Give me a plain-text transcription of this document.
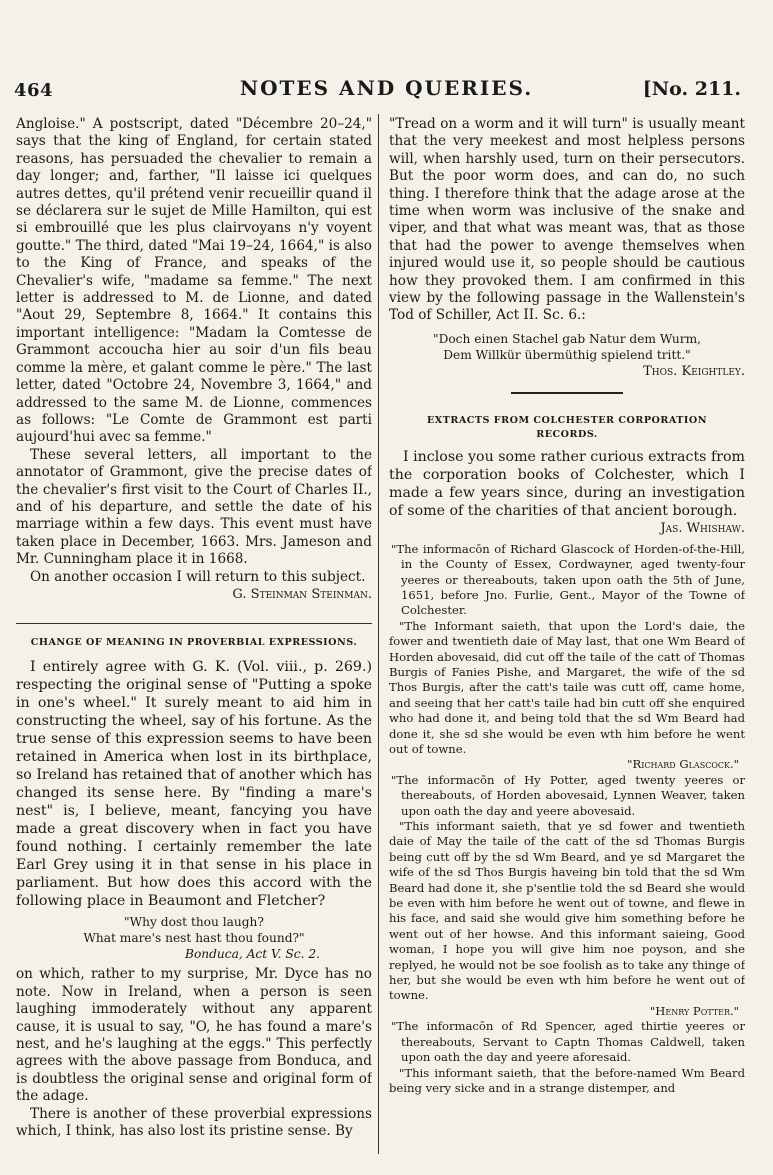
464	NOTES AND QUERIES.	[No. 211.

Angloise." A postscript, dated "Décembre 20–24," says that the king of England, for certain stated reasons, has persuaded the chevalier to remain a day longer; and, farther, "Il laisse ici quelques autres dettes, qu'il prétend venir recueillir quand il se déclarera sur le sujet de Mille Hamilton, qui est si embrouillé que les plus clairvoyans n'y voyent goutte." The third, dated "Mai 19–24, 1664," is also to the King of France, and speaks of the Chevalier's wife, "madame sa femme." The next letter is addressed to M. de Lionne, and dated "Aout 29, Septembre 8, 1664." It contains this important intelligence: "Madam la Comtesse de Grammont accoucha hier au soir d'un fils beau comme la mère, et galant comme le père." The last letter, dated "Octobre 24, Novembre 3, 1664," and addressed to the same M. de Lionne, commences as follows: "Le Comte de Grammont est parti aujourd'hui avec sa femme."

These several letters, all important to the annotator of Grammont, give the precise dates of the chevalier's first visit to the Court of Charles II., and of his departure, and settle the date of his marriage within a few days. This event must have taken place in December, 1663. Mrs. Jameson and Mr. Cunningham place it in 1668.

On another occasion I will return to this subject.

G. Steinman Steinman.

CHANGE OF MEANING IN PROVERBIAL EXPRESSIONS.

I entirely agree with G. K. (Vol. viii., p. 269.) respecting the original sense of "Putting a spoke in one's wheel." It surely meant to aid him in constructing the wheel, say of his fortune. As the true sense of this expression seems to have been retained in America when lost in its birthplace, so Ireland has retained that of another which has changed its sense here. By "finding a mare's nest" is, I believe, meant, fancying you have made a great discovery when in fact you have found nothing. I certainly remember the late Earl Grey using it in that sense in his place in parliament. But how does this accord with the following place in Beaumont and Fletcher?

"Why dost thou laugh?

What mare's nest hast thou found?"

Bonduca, Act V. Sc. 2.

on which, rather to my surprise, Mr. Dyce has no note. Now in Ireland, when a person is seen laughing immoderately without any apparent cause, it is usual to say, "O, he has found a mare's nest, and he's laughing at the eggs." This perfectly agrees with the above passage from Bonduca, and is doubtless the original sense and original form of the adage.

There is another of these proverbial expressions which, I think, has also lost its pristine sense. By

"Tread on a worm and it will turn" is usually meant that the very meekest and most helpless persons will, when harshly used, turn on their persecutors. But the poor worm does, and can do, no such thing. I therefore think that the adage arose at the time when worm was inclusive of the snake and viper, and that what was meant was, that as those that had the power to avenge themselves when injured would use it, so people should be cautious how they provoked them. I am confirmed in this view by the following passage in the Wallenstein's Tod of Schiller, Act II. Sc. 6.:

"Doch einen Stachel gab Natur dem Wurm,

Dem Willkür übermüthig spielend tritt."

Thos. Keightley.

EXTRACTS FROM COLCHESTER CORPORATION RECORDS.

I inclose you some rather curious extracts from the corporation books of Colchester, which I made a few years since, during an investigation of some of the charities of that ancient borough.

Jas. Whishaw.

"The informacōn of Richard Glascock of Horden-of-the-Hill, in the County of Essex, Cordwayner, aged twenty-four yeeres or thereabouts, taken upon oath the 5th of June, 1651, before Jno. Furlie, Gent., Mayor of the Towne of Colchester.

"The Informant saieth, that upon the Lord's daie, the fower and twentieth daie of May last, that one Wm Beard of Horden abovesaid, did cut off the taile of the catt of Thomas Burgis of Fanies Pishe, and Margaret, the wife of the sd Thos Burgis, after the catt's taile was cutt off, came home, and seeing that her catt's taile had bin cutt off she enquired who had done it, and being told that the sd Wm Beard had done it, she sd she would be even wth him before he went out of towne.

"Richard Glascock."

"The informacōn of Hy Potter, aged twenty yeeres or thereabouts, of Horden abovesaid, Lynnen Weaver, taken upon oath the day and yeere abovesaid.

"This informant saieth, that ye sd fower and twentieth daie of May the taile of the catt of the sd Thomas Burgis being cutt off by the sd Wm Beard, and ye sd Margaret the wife of the sd Thos Burgis haveing bin told that the sd Wm Beard had done it, she p'sentlie told the sd Beard she would be even with him before he went out of towne, and flewe in his face, and said she would give him something before he went out of her howse. And this informant saieing, Good woman, I hope you will give him noe poyson, and she replyed, he would not be soe foolish as to take any thinge of her, but she would be even wth him before he went out of towne.

"Henry Potter."

"The informacōn of Rd Spencer, aged thirtie yeeres or thereabouts, Servant to Captn Thomas Caldwell, taken upon oath the day and yeere aforesaid.

"This informant saieth, that the before-named Wm Beard being very sicke and in a strange distemper, and
